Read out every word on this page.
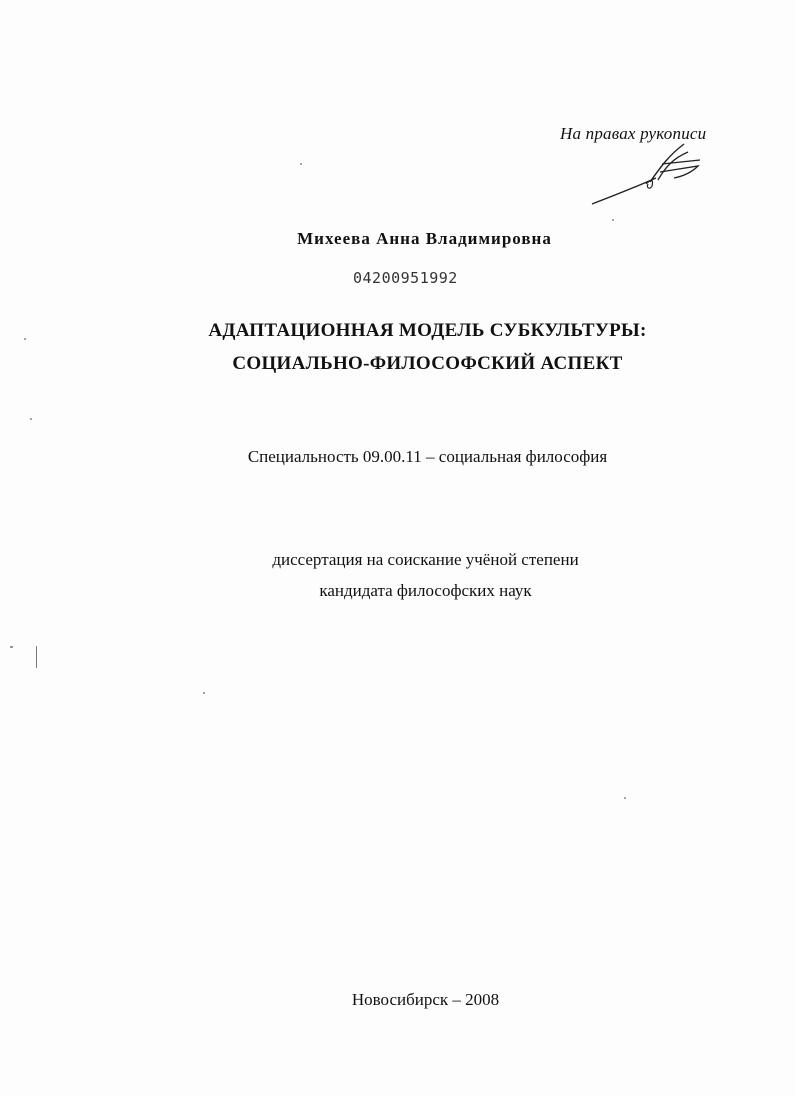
На правах рукописи
Михеева Анна Владимировна
04200951992
АДАПТАЦИОННАЯ МОДЕЛЬ СУБКУЛЬТУРЫ:
СОЦИАЛЬНО-ФИЛОСОФСКИЙ АСПЕКТ
Специальность 09.00.11 – социальная философия
диссертация на соискание учёной степени
кандидата философских наук
Новосибирск – 2008
